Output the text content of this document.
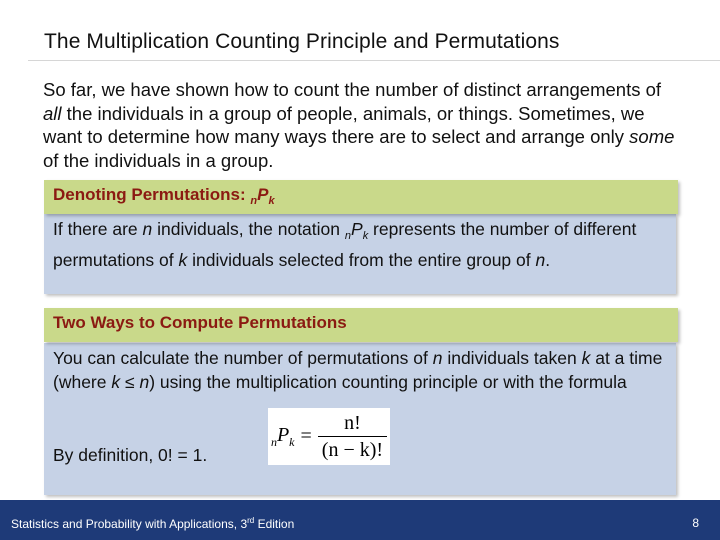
The Multiplication Counting Principle and Permutations
So far, we have shown how to count the number of distinct arrangements of all the individuals in a group of people, animals, or things. Sometimes, we want to determine how many ways there are to select and arrange only some of the individuals in a group.
If there are n individuals, the notation $_nP_k$ represents the number of different permutations of k individuals selected from the entire group of n.
Denoting Permutations: $_nP_k$
You can calculate the number of permutations of n individuals taken k at a time (where k ≤ n) using the multiplication counting principle or with the formula
By definition, 0! = 1.
Two Ways to Compute Permutations
$_nP_k = \frac{n!}{(n - k)!}$
Statistics and Probability with Applications, 3rd Edition	8
